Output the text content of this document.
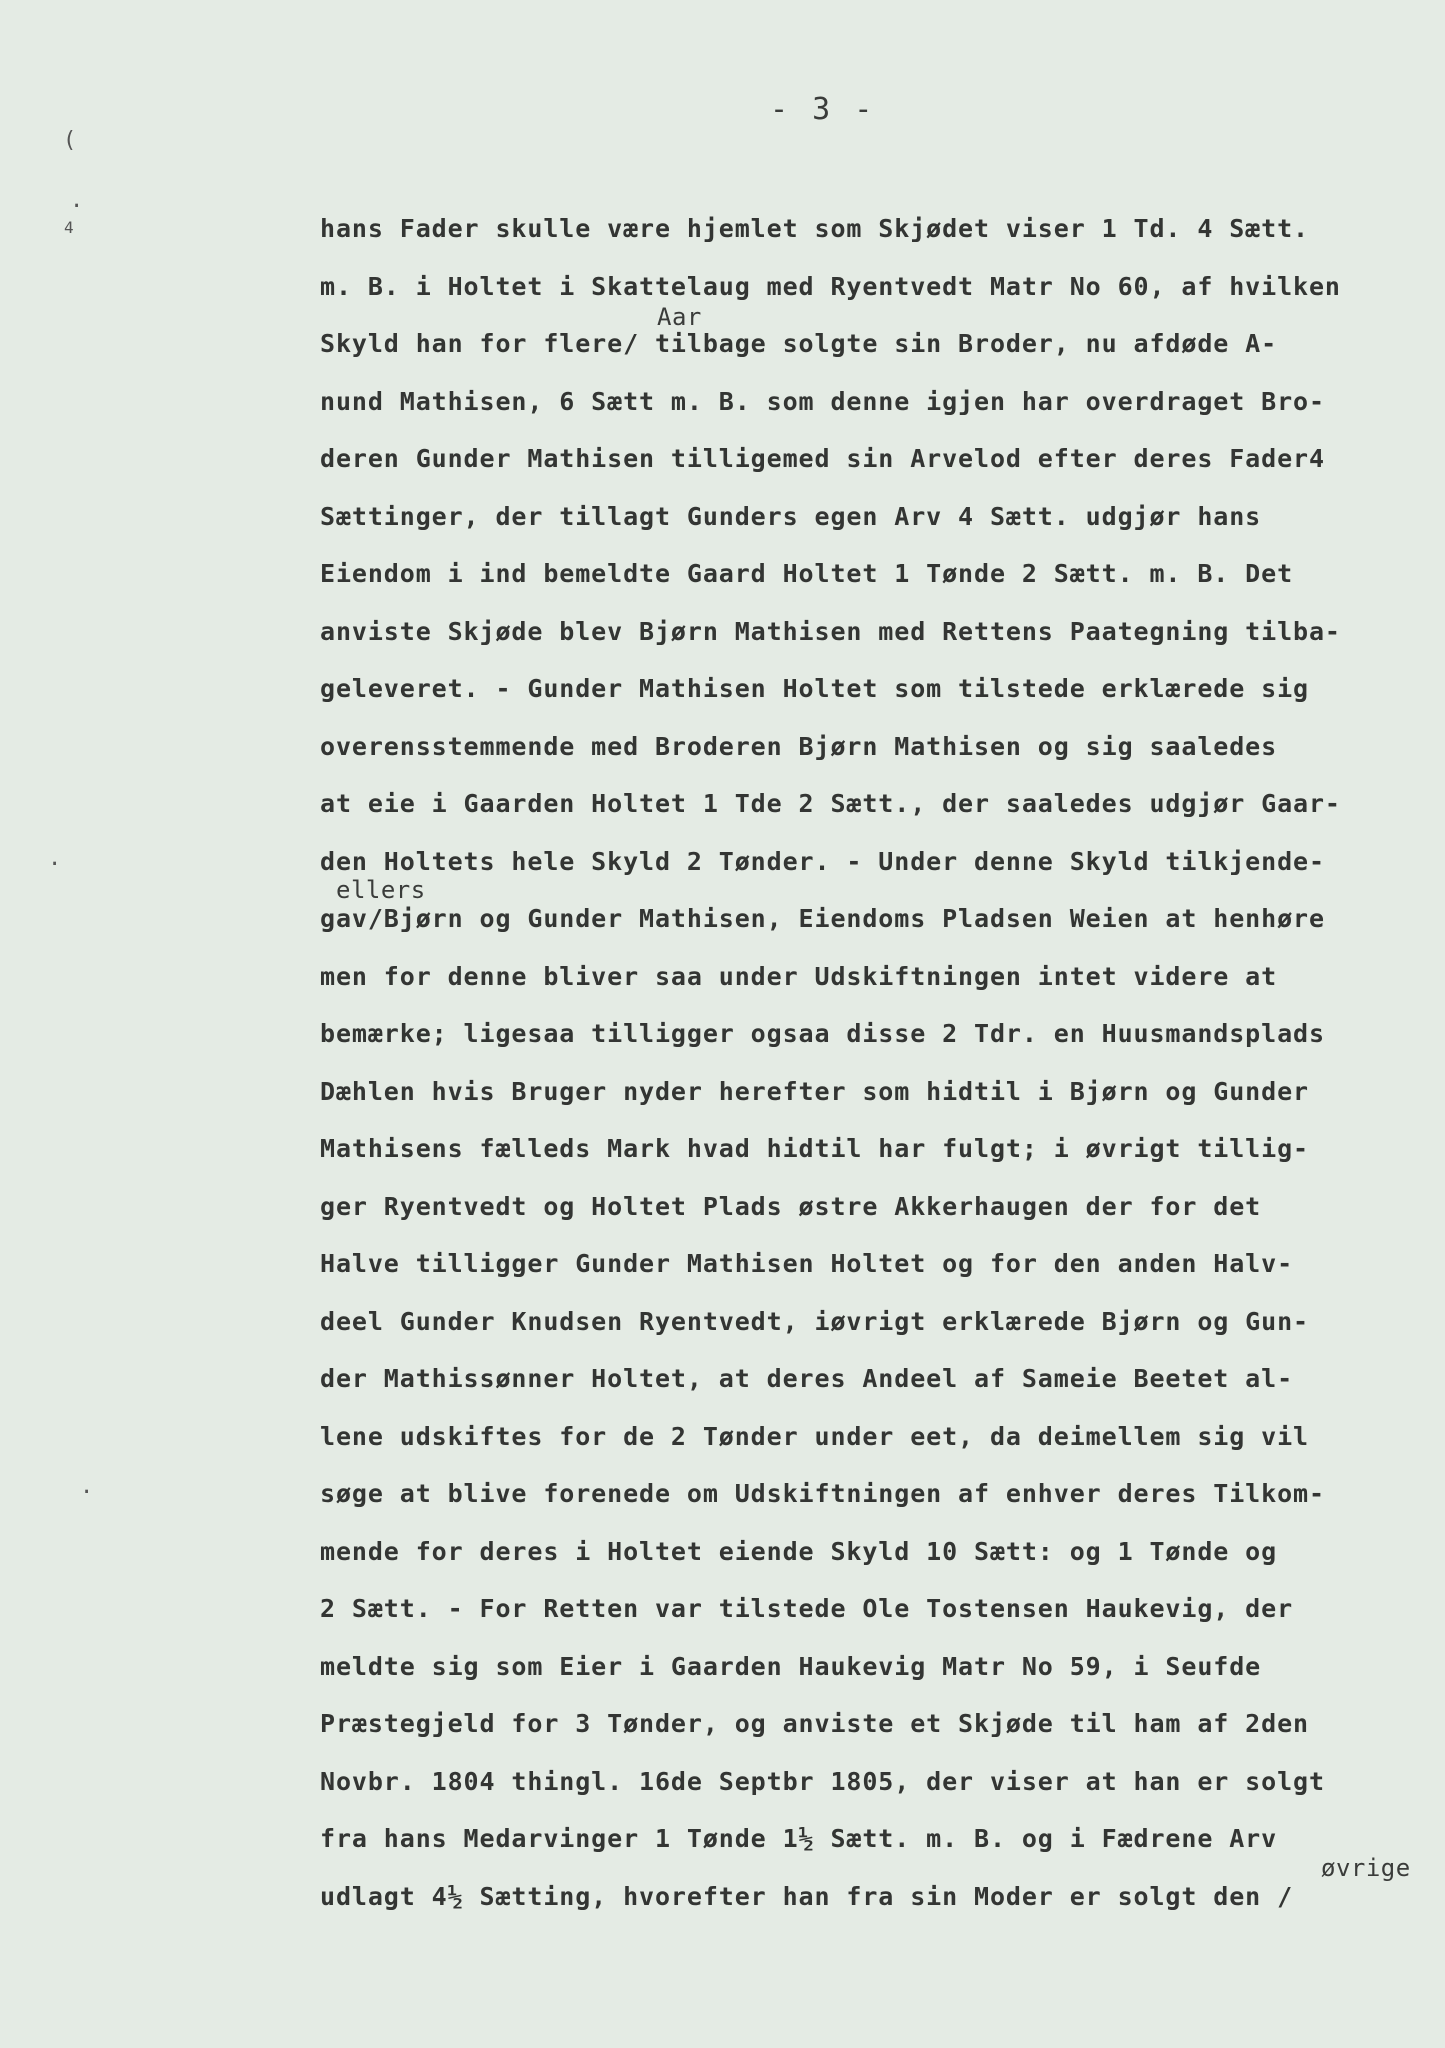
- 3 -
(
.
4
·
·
hans Fader skulle være hjemlet som Skjødet viser 1 Td. 4 Sætt.
m. B. i Holtet i Skattelaug med Ryentvedt Matr No 60, af hvilken
Skyld han for flere/ tilbage solgte sin Broder, nu afdøde A-
Aar
nund Mathisen, 6 Sætt m. B. som denne igjen har overdraget Bro-
deren Gunder Mathisen tilligemed sin Arvelod efter deres Fader4
Sættinger, der tillagt Gunders egen Arv 4 Sætt. udgjør hans
Eiendom i ind bemeldte Gaard Holtet 1 Tønde 2 Sætt. m. B. Det
anviste Skjøde blev Bjørn Mathisen med Rettens Paategning tilba-
geleveret. - Gunder Mathisen Holtet som tilstede erklærede sig
overensstemmende med Broderen Bjørn Mathisen og sig saaledes
at eie i Gaarden Holtet 1 Tde 2 Sætt., der saaledes udgjør Gaar-
den Holtets hele Skyld 2 Tønder. - Under denne Skyld tilkjende-
gav/Bjørn og Gunder Mathisen, Eiendoms Pladsen Weien at henhøre
ellers
men for denne bliver saa under Udskiftningen intet videre at
bemærke; ligesaa tilligger ogsaa disse 2 Tdr. en Huusmandsplads
Dæhlen hvis Bruger nyder herefter som hidtil i Bjørn og Gunder
Mathisens fælleds Mark hvad hidtil har fulgt; i øvrigt tillig-
ger Ryentvedt og Holtet Plads østre Akkerhaugen der for det
Halve tilligger Gunder Mathisen Holtet og for den anden Halv-
deel Gunder Knudsen Ryentvedt, iøvrigt erklærede Bjørn og Gun-
der Mathissønner Holtet, at deres Andeel af Sameie Beetet al-
lene udskiftes for de 2 Tønder under eet, da deimellem sig vil
søge at blive forenede om Udskiftningen af enhver deres Tilkom-
mende for deres i Holtet eiende Skyld 10 Sætt: og 1 Tønde og
2 Sætt. - For Retten var tilstede Ole Tostensen Haukevig, der
meldte sig som Eier i Gaarden Haukevig Matr No 59, i Seufde
Præstegjeld for 3 Tønder, og anviste et Skjøde til ham af 2den
Novbr. 1804 thingl. 16de Septbr 1805, der viser at han er solgt
fra hans Medarvinger 1 Tønde 1½ Sætt. m. B. og i Fædrene Arv
udlagt 4½ Sætting, hvorefter han fra sin Moder er solgt den /
øvrige
